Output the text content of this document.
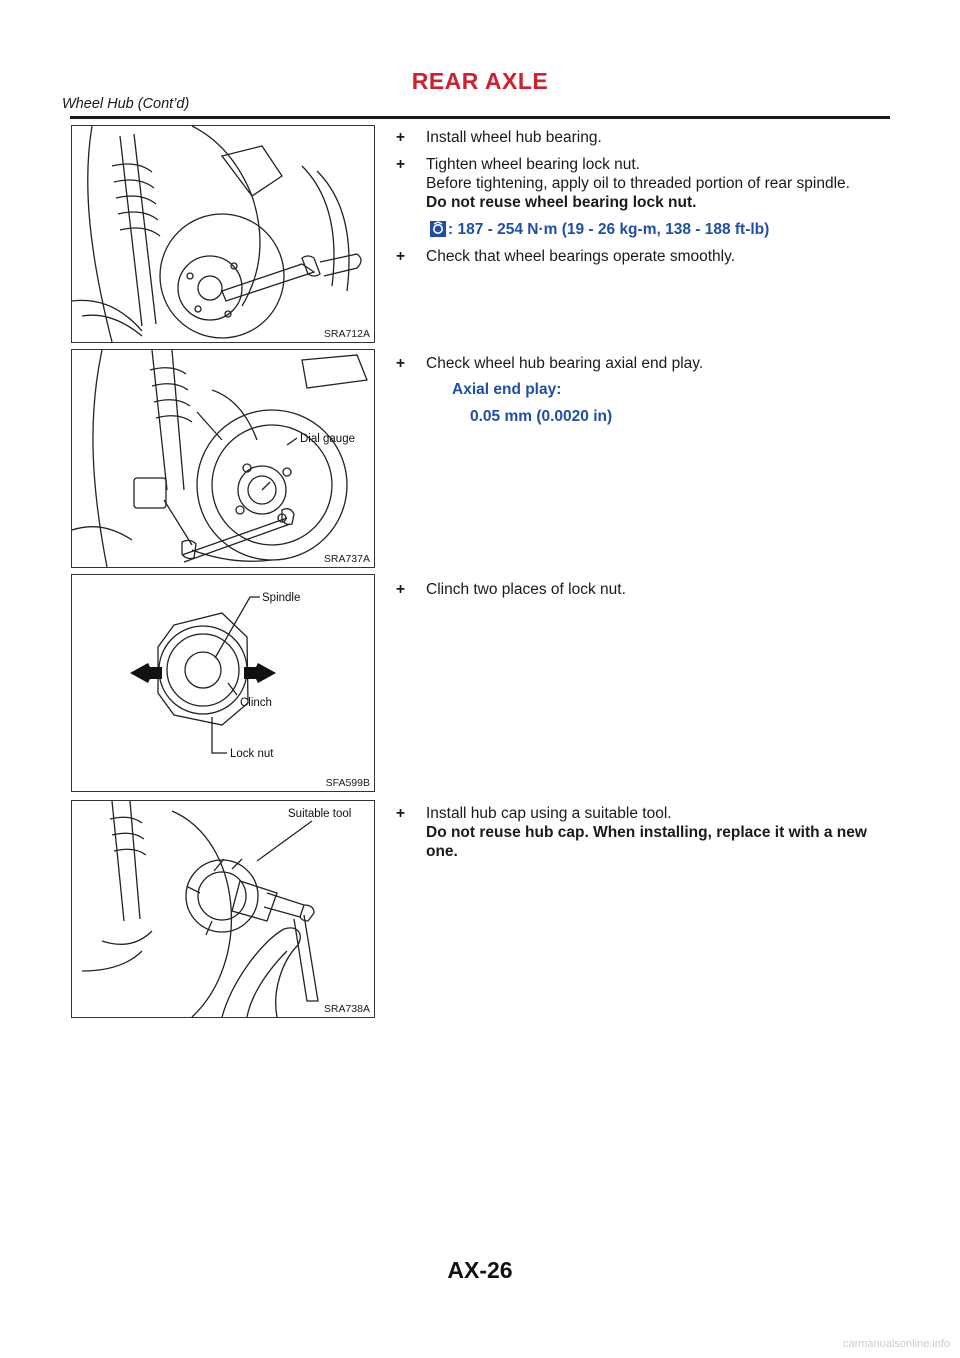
REAR AXLE
Wheel Hub (Cont’d)
SRA712A
+ Install wheel hub bearing.
+ Tighten wheel bearing lock nut.
Before tightening, apply oil to threaded portion of rear spindle.
Do not reuse wheel bearing lock nut.
: 187 - 254 N·m (19 - 26 kg-m, 138 - 188 ft-lb)
+ Check that wheel bearings operate smoothly.
Dial gauge
SRA737A
+ Check wheel hub bearing axial end play.
Axial end play:
0.05 mm (0.0020 in)
Spindle
Clinch
Lock nut
SFA599B
+ Clinch two places of lock nut.
Suitable tool
SRA738A
+ Install hub cap using a suitable tool.
Do not reuse hub cap. When installing, replace it with a new one.
AX-26
carmanualsonline.info
